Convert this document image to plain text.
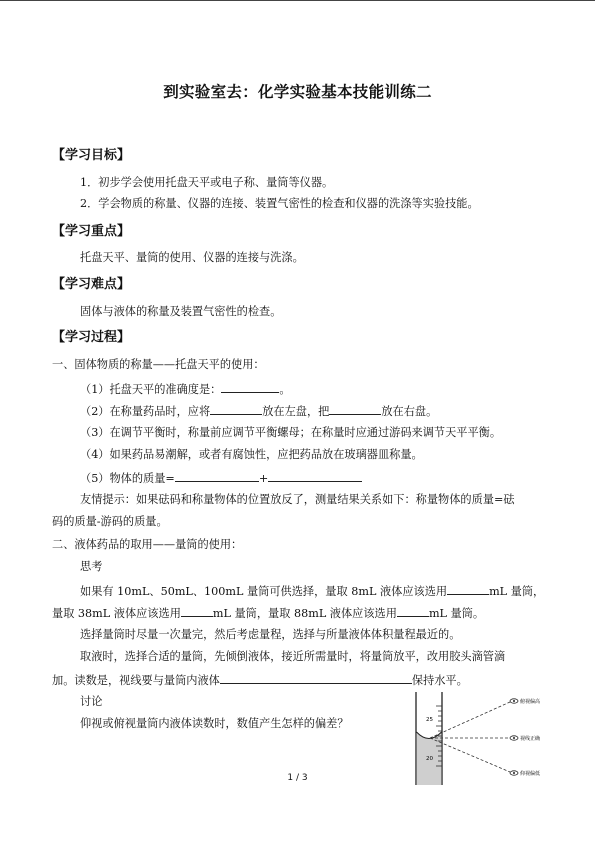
到实验室去：化学实验基本技能训练二
【学习目标】
1．初步学会使用托盘天平或电子称、量筒等仪器。
2．学会物质的称量、仪器的连接、装置气密性的检查和仪器的洗涤等实验技能。
【学习重点】
托盘天平、量筒的使用、仪器的连接与洗涤。
【学习难点】
固体与液体的称量及装置气密性的检查。
【学习过程】
一、固体物质的称量——托盘天平的使用：
（1）托盘天平的准确度是：	。
（2）在称量药品时，应将	放在左盘，把	放在右盘。
（3）在调节平衡时，称量前应调节平衡螺母；在称量时应通过游码来调节天平平衡。
（4）如果药品易潮解，或者有腐蚀性，应把药品放在玻璃器皿称量。
（5）物体的质量=	+
友情提示：如果砝码和称量物体的位置放反了，测量结果关系如下：称量物体的质量=砝
码的质量-游码的质量。
二、液体药品的取用——量筒的使用：
思考
如果有 10mL、50mL、100mL 量筒可供选择，量取 8mL 液体应该选用	mL 量筒，
量取 38mL 液体应该选用	mL 量筒，量取 88mL 液体应该选用	mL 量筒。
选择量筒时尽量一次量完，然后考虑量程，选择与所量液体体积量程最近的。
取液时，选择合适的量筒，先倾倒液体，接近所需量时，将量筒放平，改用胶头滴管滴
加。读数是，视线要与量筒内液体	保持水平。
讨论
仰视或俯视量筒内液体读数时，数值产生怎样的偏差？	25
20
俯视偏高
视线正确
仰视偏低
1 / 3
